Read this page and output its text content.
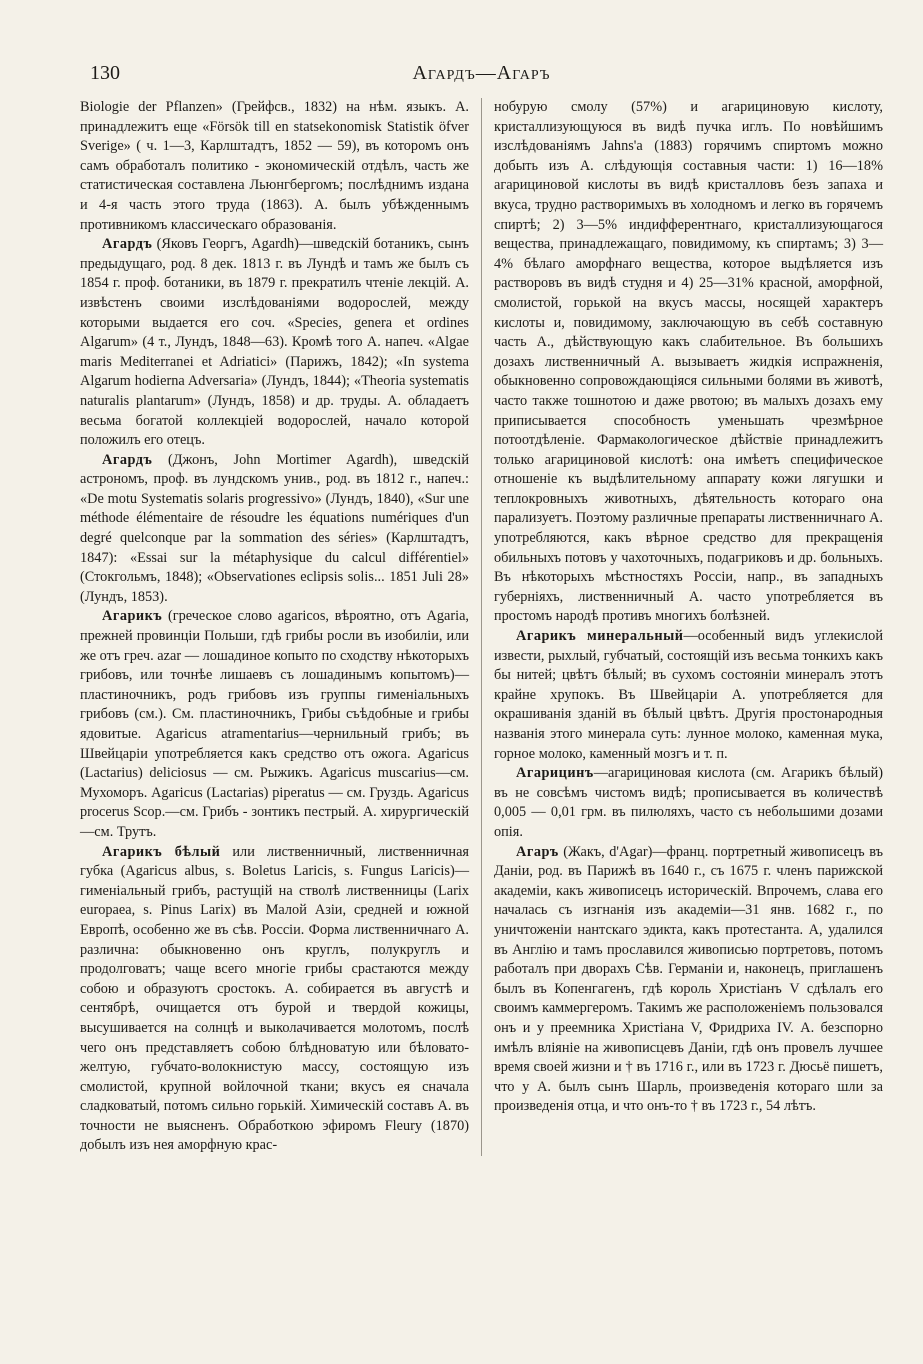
130	Агардъ—Агаръ

Biologie der Pflanzen» (Грейфсв., 1832) на нѣм. языкъ. А. принадлежитъ еще «Försök till en statsekonomisk Statistik öfver Sverige» ( ч. 1—3, Карлштадтъ, 1852 — 59), въ которомъ онъ самъ обработалъ политико - экономическій отдѣлъ, часть же статистическая составлена Льюнгбергомъ; послѣднимъ издана и 4-я часть этого труда (1863). А. былъ убѣжденнымъ противникомъ классическаго образованія.

Агардъ (Яковъ Георгъ, Agardh)—шведскій ботаникъ, сынъ предыдущаго, род. 8 дек. 1813 г. въ Лундѣ и тамъ же былъ съ 1854 г. проф. ботаники, въ 1879 г. прекратилъ чтеніе лекцій. А. извѣстенъ своими изслѣдованіями водорослей, между которыми выдается его соч. «Species, genera et ordines Algarum» (4 т., Лундъ, 1848—63). Кромѣ того А. напеч. «Algae maris Mediterranei et Adriatici» (Парижъ, 1842); «In systema Algarum hodierna Adversaria» (Лундъ, 1844); «Theoria systematis naturalis plantarum» (Лундъ, 1858) и др. труды. А. обладаетъ весьма богатой коллекціей водорослей, начало которой положилъ его отецъ.

Агардъ (Джонъ, John Mortimer Agardh), шведскій астрономъ, проф. въ лундскомъ унив., род. въ 1812 г., напеч.: «De motu Systematis solaris progressivo» (Лундъ, 1840), «Sur une méthode élémentaire de résoudre les équations numériques d'un degré quelconque par la sommation des séries» (Карлштадтъ, 1847): «Essai sur la métaphysique du calcul différentiel» (Стокгольмъ, 1848); «Observationes eclipsis solis... 1851 Juli 28» (Лундъ, 1853).

Агарикъ (греческое слово agaricos, вѣроятно, отъ Agaria, прежней провинціи Польши, гдѣ грибы росли въ изобиліи, или же отъ греч. azar — лошадиное копыто по сходству нѣкоторыхъ грибовъ, или точнѣе лишаевъ съ лошадинымъ копытомъ)—пластиночникъ, родъ грибовъ изъ группы гименіальныхъ грибовъ (см.). См. пластиночникъ, Грибы съѣдобные и грибы ядовитые. Agaricus atramentarius—чернильный грибъ; въ Швейцаріи употребляется какъ средство отъ ожога. Agaricus (Lactarius) deliciosus — см. Рыжикъ. Agaricus muscarius—см. Мухоморъ. Agaricus (Lactarias) piperatus — см. Груздь. Agaricus procerus Scop.—см. Грибъ - зонтикъ пестрый. А. хирургическій—см. Трутъ.

Агарикъ бѣлый или лиственничный, лиственничная губка (Agaricus albus, s. Boletus Laricis, s. Fungus Laricis)—гименіальный грибъ, растущій на стволѣ лиственницы (Larix europaea, s. Pinus Larix) въ Малой Азіи, средней и южной Европѣ, особенно же въ сѣв. Россіи. Форма лиственничнаго А. различна: обыкновенно онъ круглъ, полукруглъ и продолговатъ; чаще всего многіе грибы срастаются между собою и образуютъ сростокъ. А. собирается въ августѣ и сентябрѣ, очищается отъ бурой и твердой кожицы, высушивается на солнцѣ и выколачивается молотомъ, послѣ чего онъ представляетъ собою блѣдноватую или бѣловато-желтую, губчато-волокнистую массу, состоящую изъ смолистой, крупной войлочной ткани; вкусъ ея сначала сладковатый, потомъ сильно горькій. Химическій составъ А. въ точности не выясненъ. Обработкою эфиромъ Fleury (1870) добылъ изъ нея аморфную крас-

нобурую смолу (57%) и агарициновую кислоту, кристаллизующуюся въ видѣ пучка иглъ. По новѣйшимъ изслѣдованіямъ Jahns'a (1883) горячимъ спиртомъ можно добыть изъ А. слѣдующія составныя части: 1) 16—18% агарициновой кислоты въ видѣ кристалловъ безъ запаха и вкуса, трудно растворимыхъ въ холодномъ и легко въ горячемъ спиртѣ; 2) 3—5% индифферентнаго, кристаллизующагося вещества, принадлежащаго, повидимому, къ спиртамъ; 3) 3—4% бѣлаго аморфнаго вещества, которое выдѣляется изъ растворовъ въ видѣ студня и 4) 25—31% красной, аморфной, смолистой, горькой на вкусъ массы, носящей характеръ кислоты и, повидимому, заключающую въ себѣ составную часть А., дѣйствующую какъ слабительное. Въ большихъ дозахъ лиственничный А. вызываетъ жидкія испражненія, обыкновенно сопровождающіяся сильными болями въ животѣ, часто также тошнотою и даже рвотою; въ малыхъ дозахъ ему приписывается способность уменьшать чрезмѣрное потоотдѣленіе. Фармакологическое дѣйствіе принадлежитъ только агарициновой кислотѣ: она имѣетъ специфическое отношеніе къ выдѣлительному аппарату кожи лягушки и теплокровныхъ животныхъ, дѣятельность котораго она парализуетъ. Поэтому различные препараты лиственничнаго А. употребляются, какъ вѣрное средство для прекращенія обильныхъ потовъ у чахоточныхъ, подагриковъ и др. больныхъ. Въ нѣкоторыхъ мѣстностяхъ Россіи, напр., въ западныхъ губерніяхъ, лиственничный А. часто употребляется въ простомъ народѣ противъ многихъ болѣзней.

Агарикъ минеральный—особенный видъ углекислой извести, рыхлый, губчатый, состоящій изъ весьма тонкихъ какъ бы нитей; цвѣтъ бѣлый; въ сухомъ состояніи минералъ этотъ крайне хрупокъ. Въ Швейцаріи А. употребляется для окрашиванія зданій въ бѣлый цвѣтъ. Другія простонародныя названія этого минерала суть: лунное молоко, каменная мука, горное молоко, каменный мозгъ и т. п.

Агарицинъ—агарициновая кислота (см. Агарикъ бѣлый) въ не совсѣмъ чистомъ видѣ; прописывается въ количествѣ 0,005 — 0,01 грм. въ пилюляхъ, часто съ небольшими дозами опія.

Агаръ (Жакъ, d'Agar)—франц. портретный живописецъ въ Даніи, род. въ Парижѣ въ 1640 г., съ 1675 г. членъ парижской академіи, какъ живописецъ историческій. Впрочемъ, слава его началась съ изгнанія изъ академіи—31 янв. 1682 г., по уничтоженіи нантскаго эдикта, какъ протестанта. А, удалился въ Англію и тамъ прославился живописью портретовъ, потомъ работалъ при дворахъ Сѣв. Германіи и, наконецъ, приглашенъ былъ въ Копенгагенъ, гдѣ король Христіанъ V сдѣлалъ его своимъ каммергеромъ. Такимъ же расположеніемъ пользовался онъ и у преемника Христіана V, Фридриха IV. А. безспорно имѣлъ вліяніе на живописцевъ Даніи, гдѣ онъ провелъ лучшее время своей жизни и † въ 1716 г., или въ 1723 г. Дюсьё пишетъ, что у А. былъ сынъ Шарль, произведенія котораго шли за произведенія отца, и что онъ-то † въ 1723 г., 54 лѣтъ.
